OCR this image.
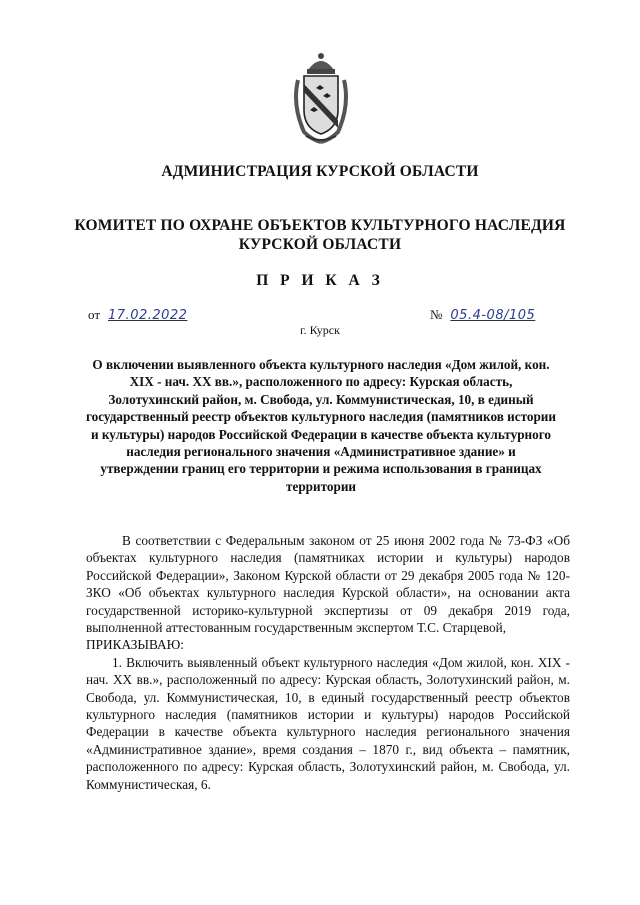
АДМИНИСТРАЦИЯ КУРСКОЙ ОБЛАСТИ
КОМИТЕТ ПО ОХРАНЕ ОБЪЕКТОВ КУЛЬТУРНОГО НАСЛЕДИЯ
КУРСКОЙ ОБЛАСТИ
П Р И К А З
от 17.02.2022	№ 05.4-08/105
г. Курск
О включении выявленного объекта культурного наследия «Дом жилой, кон. XIX - нач. XX вв.», расположенного по адресу: Курская область, Золотухинский район, м. Свобода, ул. Коммунистическая, 10, в единый государственный реестр объектов культурного наследия (памятников истории и культуры) народов Российской Федерации в качестве объекта культурного наследия регионального значения «Административное здание» и утверждении границ его территории и режима использования в границах территории

В соответствии с Федеральным законом от 25 июня 2002 года № 73-ФЗ «Об объектах культурного наследия (памятниках истории и культуры) народов Российской Федерации», Законом Курской области от 29 декабря 2005 года № 120-ЗКО «Об объектах культурного наследия Курской области», на основании акта государственной историко-культурной экспертизы от 09 декабря 2019 года, выполненной аттестованным государственным экспертом Т.С. Старцевой,

ПРИКАЗЫВАЮ:

1. Включить выявленный объект культурного наследия «Дом жилой, кон. XIX - нач. XX вв.», расположенный по адресу: Курская область, Золотухинский район, м. Свобода, ул. Коммунистическая, 10, в единый государственный реестр объектов культурного наследия (памятников истории и культуры) народов Российской Федерации в качестве объекта культурного наследия регионального значения «Административное здание», время создания – 1870 г., вид объекта – памятник, расположенного по адресу: Курская область, Золотухинский район, м. Свобода, ул. Коммунистическая, 6.
